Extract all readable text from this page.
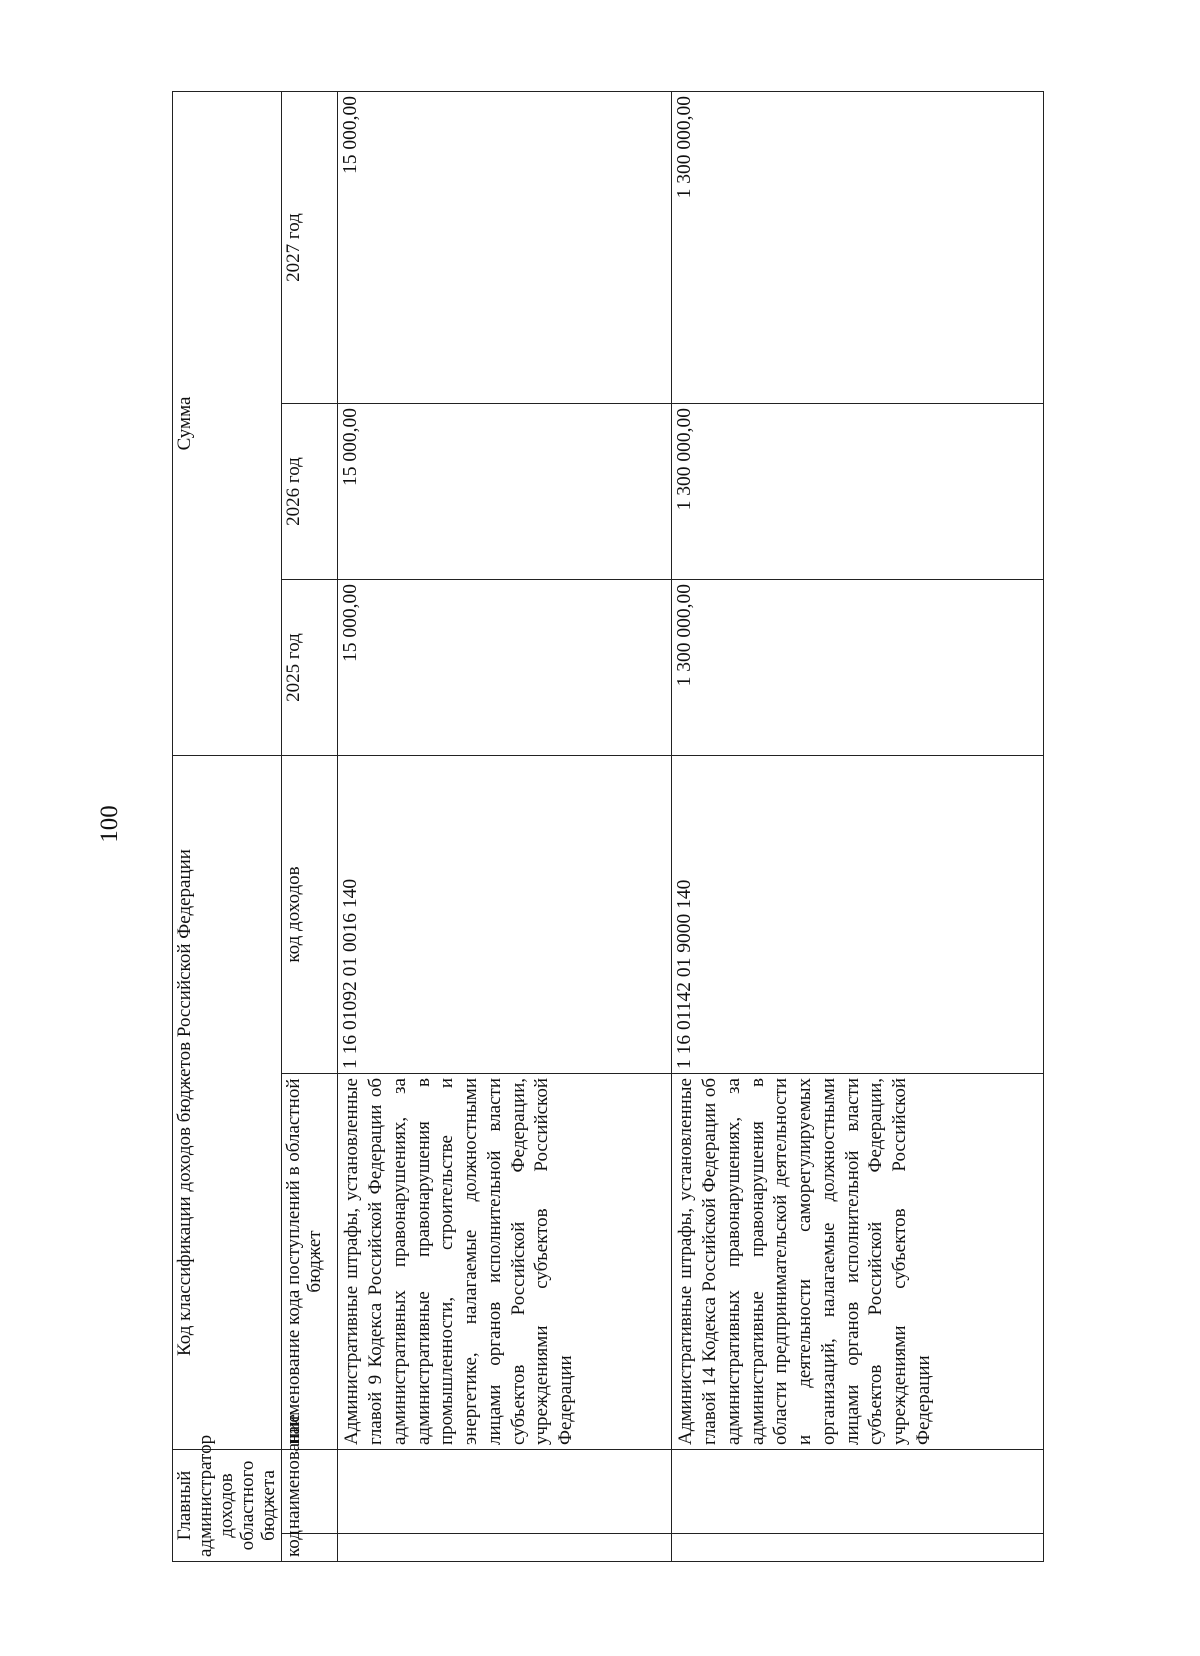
100
Главный администратор доходов областного бюджета		Код классификации доходов бюджетов Российской Федерации		Сумма		
код	наименование	наименование кода поступлений в областной бюджет	код доходов	2025 год	2026 год	2027 год
		Административные штрафы, установленные главой 9 Кодекса Российской Федерации об административных правонарушениях, за административные правонарушения в промышленности, строительстве и энергетике, налагаемые должностными лицами органов исполнительной власти субъектов Российской Федерации, учреждениями субъектов Российской Федерации	1 16 01092 01 0016 140	15 000,00	15 000,00	15 000,00
		Административные штрафы, установленные главой 14 Кодекса Российской Федерации об административных правонарушениях, за административные правонарушения в области предпринимательской деятельности и деятельности саморегулируемых организаций, налагаемые должностными лицами органов исполнительной власти субъектов Российской Федерации, учреждениями субъектов Российской Федерации	1 16 01142 01 9000 140	1 300 000,00	1 300 000,00	1 300 000,00
